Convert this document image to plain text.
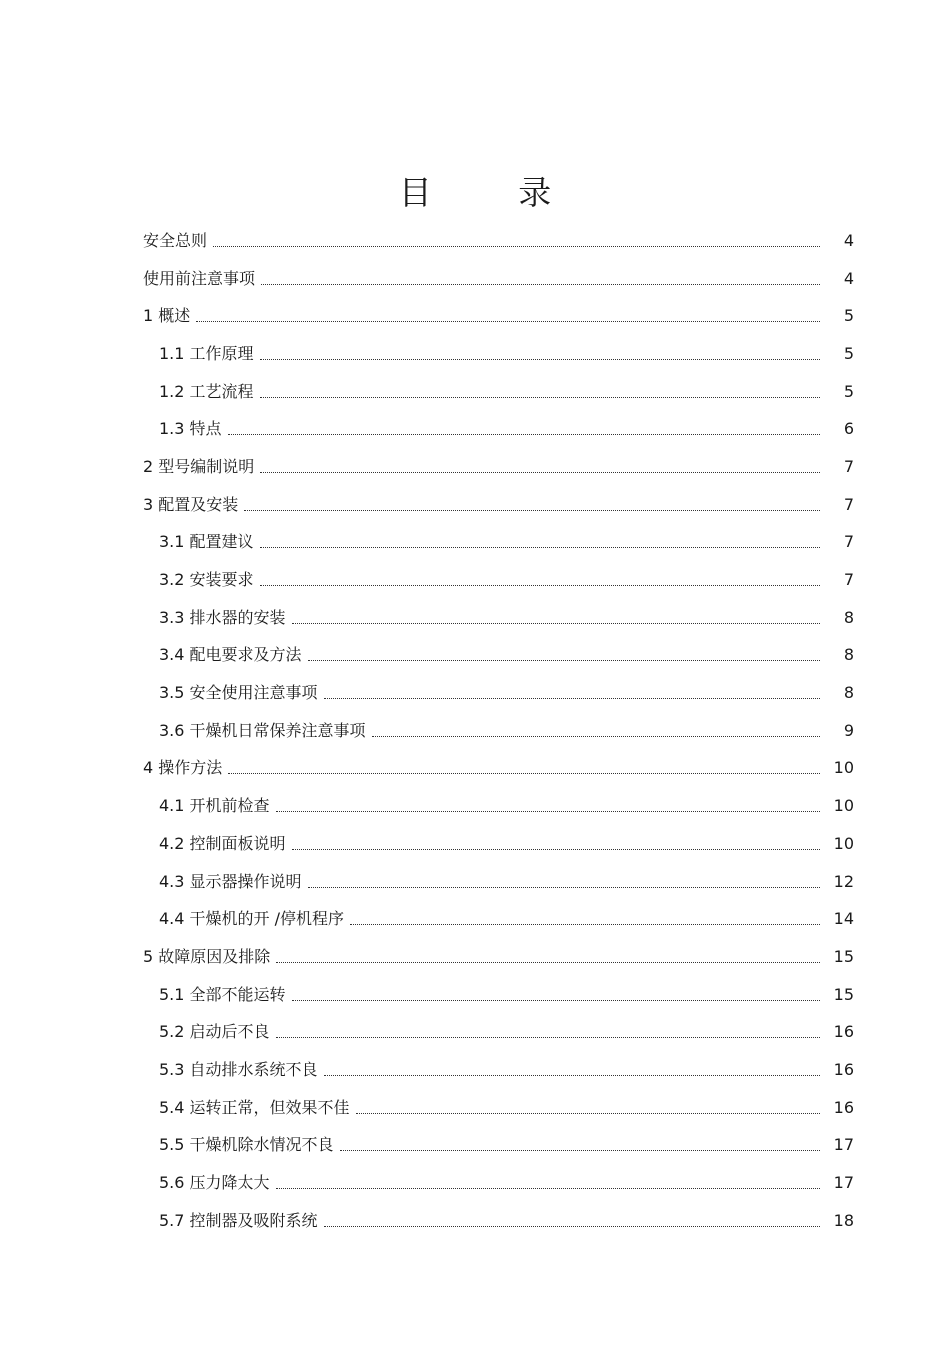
目 录
安全总则	4
使用前注意事项	4
1 概述	5
1.1 工作原理	5
1.2 工艺流程	5
1.3 特点	6
2 型号编制说明	7
3 配置及安装	7
3.1 配置建议	7
3.2 安装要求	7
3.3 排水器的安装	8
3.4 配电要求及方法	8
3.5 安全使用注意事项	8
3.6 干燥机日常保养注意事项	9
4 操作方法	10
4.1 开机前检查	10
4.2 控制面板说明	10
4.3 显示器操作说明	12
4.4 干燥机的开 /停机程序	14
5 故障原因及排除	15
5.1 全部不能运转	15
5.2 启动后不良	16
5.3 自动排水系统不良	16
5.4 运转正常，但效果不佳	16
5.5 干燥机除水情况不良	17
5.6 压力降太大	17
5.7 控制器及吸附系统	18
